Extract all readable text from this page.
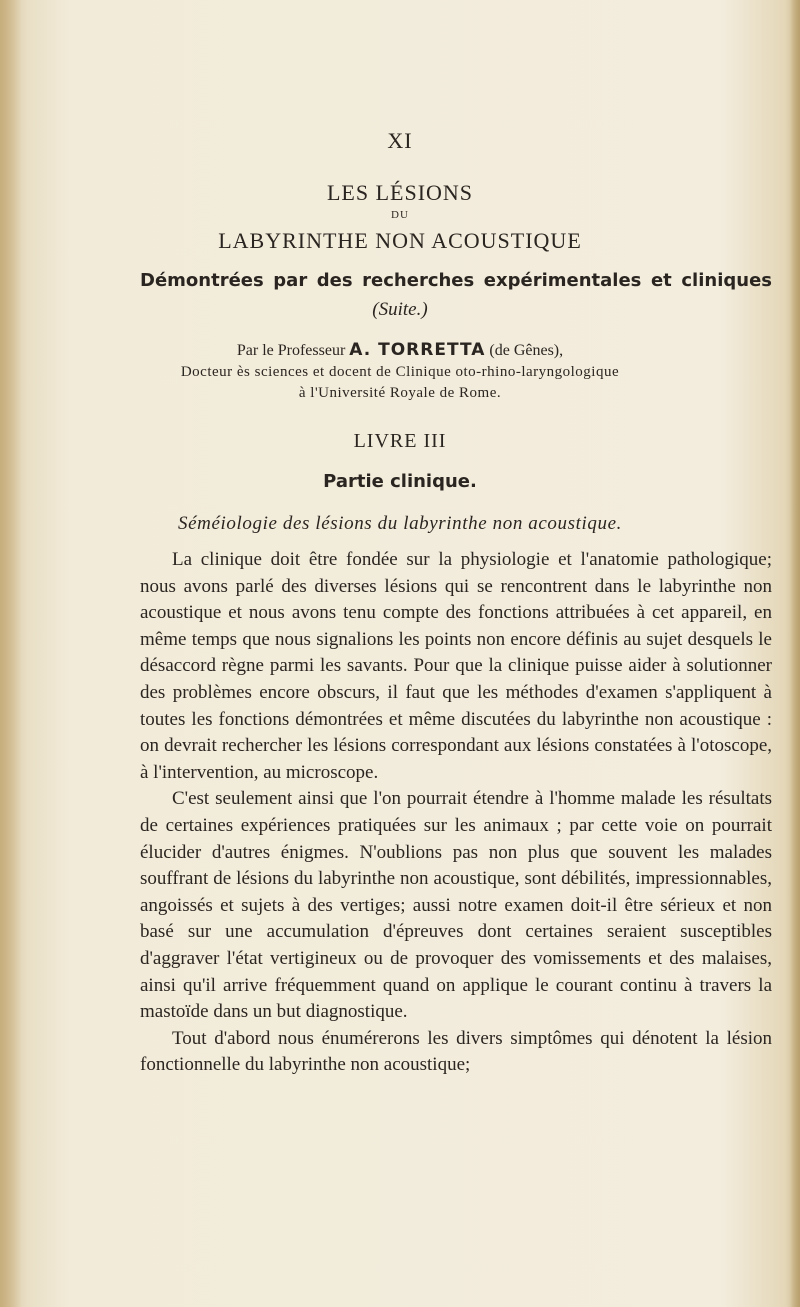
XI
LES LÉSIONS
DU
LABYRINTHE NON ACOUSTIQUE
Démontrées par des recherches expérimentales et cliniques
(Suite.)
Par le Professeur A. TORRETTA (de Gênes),
Docteur ès sciences et docent de Clinique oto-rhino-laryngologique
à l'Université Royale de Rome.
LIVRE III
Partie clinique.
Séméiologie des lésions du labyrinthe non acoustique.

La clinique doit être fondée sur la physiologie et l'anatomie pathologique; nous avons parlé des diverses lésions qui se rencontrent dans le labyrinthe non acoustique et nous avons tenu compte des fonctions attribuées à cet appareil, en même temps que nous signalions les points non encore définis au sujet desquels le désaccord règne parmi les savants. Pour que la clinique puisse aider à solutionner des problèmes encore obscurs, il faut que les méthodes d'examen s'appliquent à toutes les fonctions démontrées et même discutées du labyrinthe non acoustique : on devrait rechercher les lésions correspondant aux lésions constatées à l'otoscope, à l'intervention, au microscope.

C'est seulement ainsi que l'on pourrait étendre à l'homme malade les résultats de certaines expériences pratiquées sur les animaux ; par cette voie on pourrait élucider d'autres énigmes. N'oublions pas non plus que souvent les malades souffrant de lésions du labyrinthe non acoustique, sont débilités, impressionnables, angoissés et sujets à des vertiges; aussi notre examen doit-il être sérieux et non basé sur une accumulation d'épreuves dont certaines seraient susceptibles d'aggraver l'état vertigineux ou de provoquer des vomissements et des malaises, ainsi qu'il arrive fréquemment quand on applique le courant continu à travers la mastoïde dans un but diagnostique.

Tout d'abord nous énumérerons les divers simptômes qui dénotent la lésion fonctionnelle du labyrinthe non acoustique;
